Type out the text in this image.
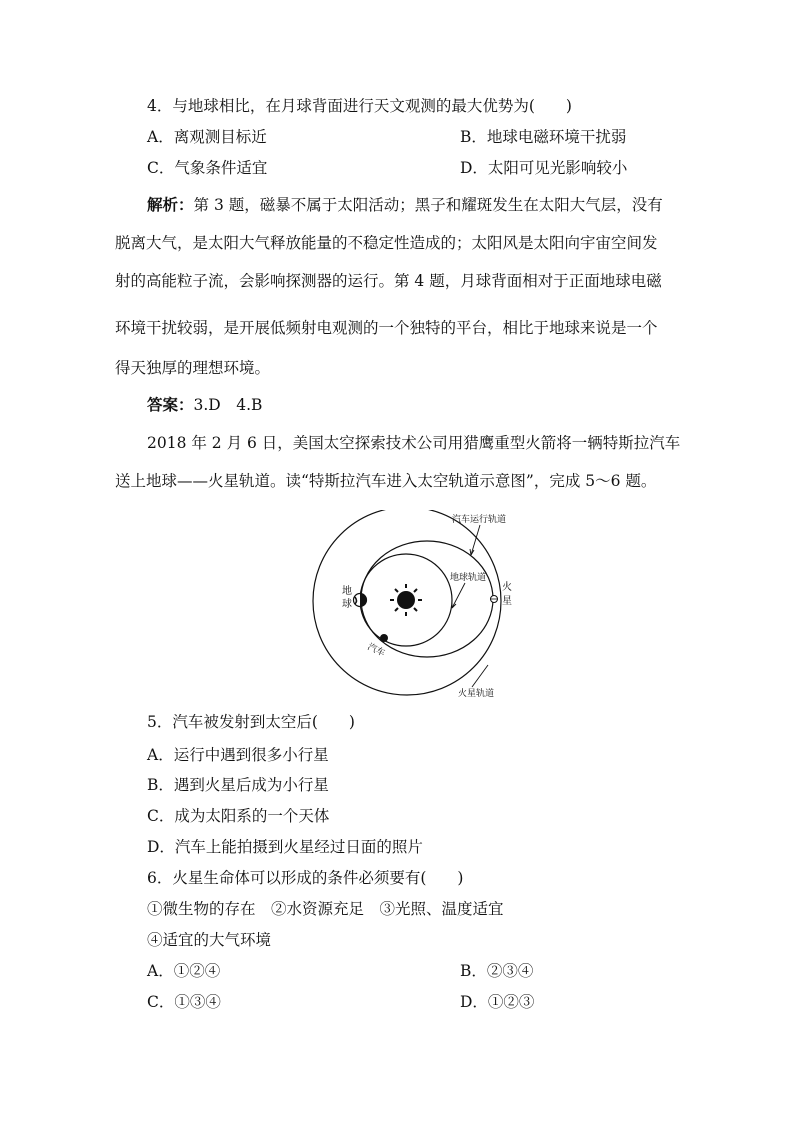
4．与地球相比，在月球背面进行天文观测的最大优势为(　　)
A．离观测目标近	B．地球电磁环境干扰弱
C．气象条件适宜	D．太阳可见光影响较小
解析：第 3 题，磁暴不属于太阳活动；黑子和耀斑发生在太阳大气层，没有
脱离大气，是太阳大气释放能量的不稳定性造成的；太阳风是太阳向宇宙空间发
射的高能粒子流，会影响探测器的运行。第 4 题，月球背面相对于正面地球电磁
环境干扰较弱，是开展低频射电观测的一个独特的平台，相比于地球来说是一个
得天独厚的理想环境。
答案：3.D　4.B
2018 年 2 月 6 日，美国太空探索技术公司用猎鹰重型火箭将一辆特斯拉汽车
送上地球——火星轨道。读“特斯拉汽车进入太空轨道示意图”，完成 5～6 题。
地
球
火
星
汽车
汽车运行轨道
地球轨道
火星轨道
5．汽车被发射到太空后(　　)
A．运行中遇到很多小行星
B．遇到火星后成为小行星
C．成为太阳系的一个天体
D．汽车上能拍摄到火星经过日面的照片
6．火星生命体可以形成的条件必须要有(　　)
①微生物的存在　②水资源充足　③光照、温度适宜
④适宜的大气环境
A．①②④	B．②③④
C．①③④	D．①②③
